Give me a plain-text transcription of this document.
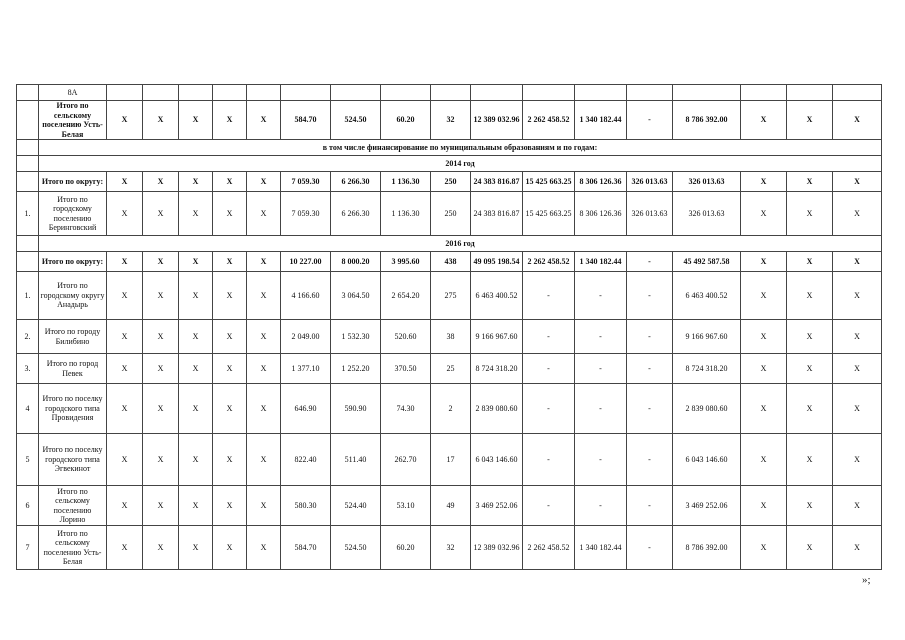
	8А																	
	Итого по сельскому поселению Усть-Белая	X	X	X	X	X	584.70	524.50	60.20	32	12 389 032.96	2 262 458.52	1 340 182.44	-	8 786 392.00	X	X	X
	в том числе финансирование по муниципальным образованиям и по годам:																	
	2014 год																	
	Итого по округу:	X	X	X	X	X	7 059.30	6 266.30	1 136.30	250	24 383 816.87	15 425 663.25	8 306 126.36	326 013.63	326 013.63	X	X	X
1.	Итого по городскому поселению Беринговский	X	X	X	X	X	7 059.30	6 266.30	1 136.30	250	24 383 816.87	15 425 663.25	8 306 126.36	326 013.63	326 013.63	X	X	X
	2016 год																	
	Итого по округу:	X	X	X	X	X	10 227.00	8 000.20	3 995.60	438	49 095 198.54	2 262 458.52	1 340 182.44	-	45 492 587.58	X	X	X
1.	Итого по городскому округу Анадырь	X	X	X	X	X	4 166.60	3 064.50	2 654.20	275	6 463 400.52	-	-	-	6 463 400.52	X	X	X
2.	Итого по городу Билибино	X	X	X	X	X	2 049.00	1 532.30	520.60	38	9 166 967.60	-	-	-	9 166 967.60	X	X	X
3.	Итого по город Певек	X	X	X	X	X	1 377.10	1 252.20	370.50	25	8 724 318.20	-	-	-	8 724 318.20	X	X	X
4	Итого по поселку городского типа Провидения	X	X	X	X	X	646.90	590.90	74.30	2	2 839 080.60	-	-	-	2 839 080.60	X	X	X
5	Итого по поселку городского типа Эгвекинот	X	X	X	X	X	822.40	511.40	262.70	17	6 043 146.60	-	-	-	6 043 146.60	X	X	X
6	Итого по сельскому поселению Лорино	X	X	X	X	X	580.30	524.40	53.10	49	3 469 252.06	-	-	-	3 469 252.06	X	X	X
7	Итого по сельскому поселению Усть-Белая	X	X	X	X	X	584.70	524.50	60.20	32	12 389 032.96	2 262 458.52	1 340 182.44	-	8 786 392.00	X	X	X
»;
